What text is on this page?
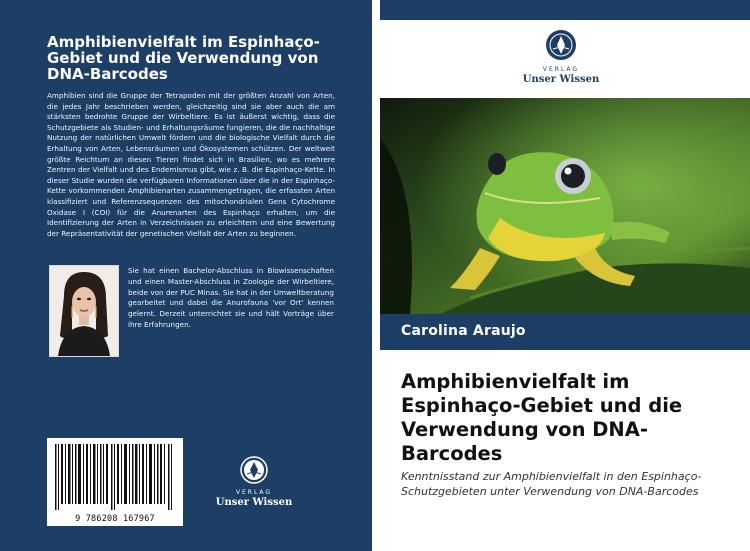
Amphibienvielfalt im Espinhaço-Gebiet und die Verwendung von DNA-Barcodes
Amphibien sind die Gruppe der Tetrapoden mit der größten Anzahl von Arten, die jedes Jahr beschrieben werden, gleichzeitig sind sie aber auch die am stärksten bedrohte Gruppe der Wirbeltiere. Es ist äußerst wichtig, dass die Schutzgebiete als Studien- und Erhaltungsräume fungieren, die die nachhaltige Nutzung der natürlichen Umwelt fördern und die biologische Vielfalt durch die Erhaltung von Arten, Lebensräumen und Ökosystemen schützen. Der weltweit größte Reichtum an diesen Tieren findet sich in Brasilien, wo es mehrere Zentren der Vielfalt und des Endemismus gibt, wie z. B. die Espinhaço-Kette. In dieser Studie wurden die verfügbaren Informationen über die in der Espinhaço-Kette vorkommenden Amphibienarten zusammengetragen, die erfassten Arten klassifiziert und Referenzsequenzen des mitochondrialen Gens Cytochrome Oxidase I (COI) für die Anurenarten des Espinhaço erhalten, um die Identifizierung der Arten in Verzeichnissen zu erleichtern und eine Bewertung der Repräsentativität der genetischen Vielfalt der Arten zu beginnen.
Sie hat einen Bachelor-Abschluss in Biowissenschaften und einen Master-Abschluss in Zoologie der Wirbeltiere, beide von der PUC Minas. Sie hat in der Umweltberatung gearbeitet und dabei die Anurofauna 'vor Ort' kennen gelernt. Derzeit unterrichtet sie und hält Vorträge über ihre Erfahrungen.
9 786208 167967
VERLAG
Unser Wissen
VERLAG
Unser Wissen
Carolina Araujo
Amphibienvielfalt im Espinhaço-Gebiet und die Verwendung von DNA-Barcodes
Kenntnisstand zur Amphibienvielfalt in den Espinhaço-Schutzgebieten unter Verwendung von DNA-Barcodes
